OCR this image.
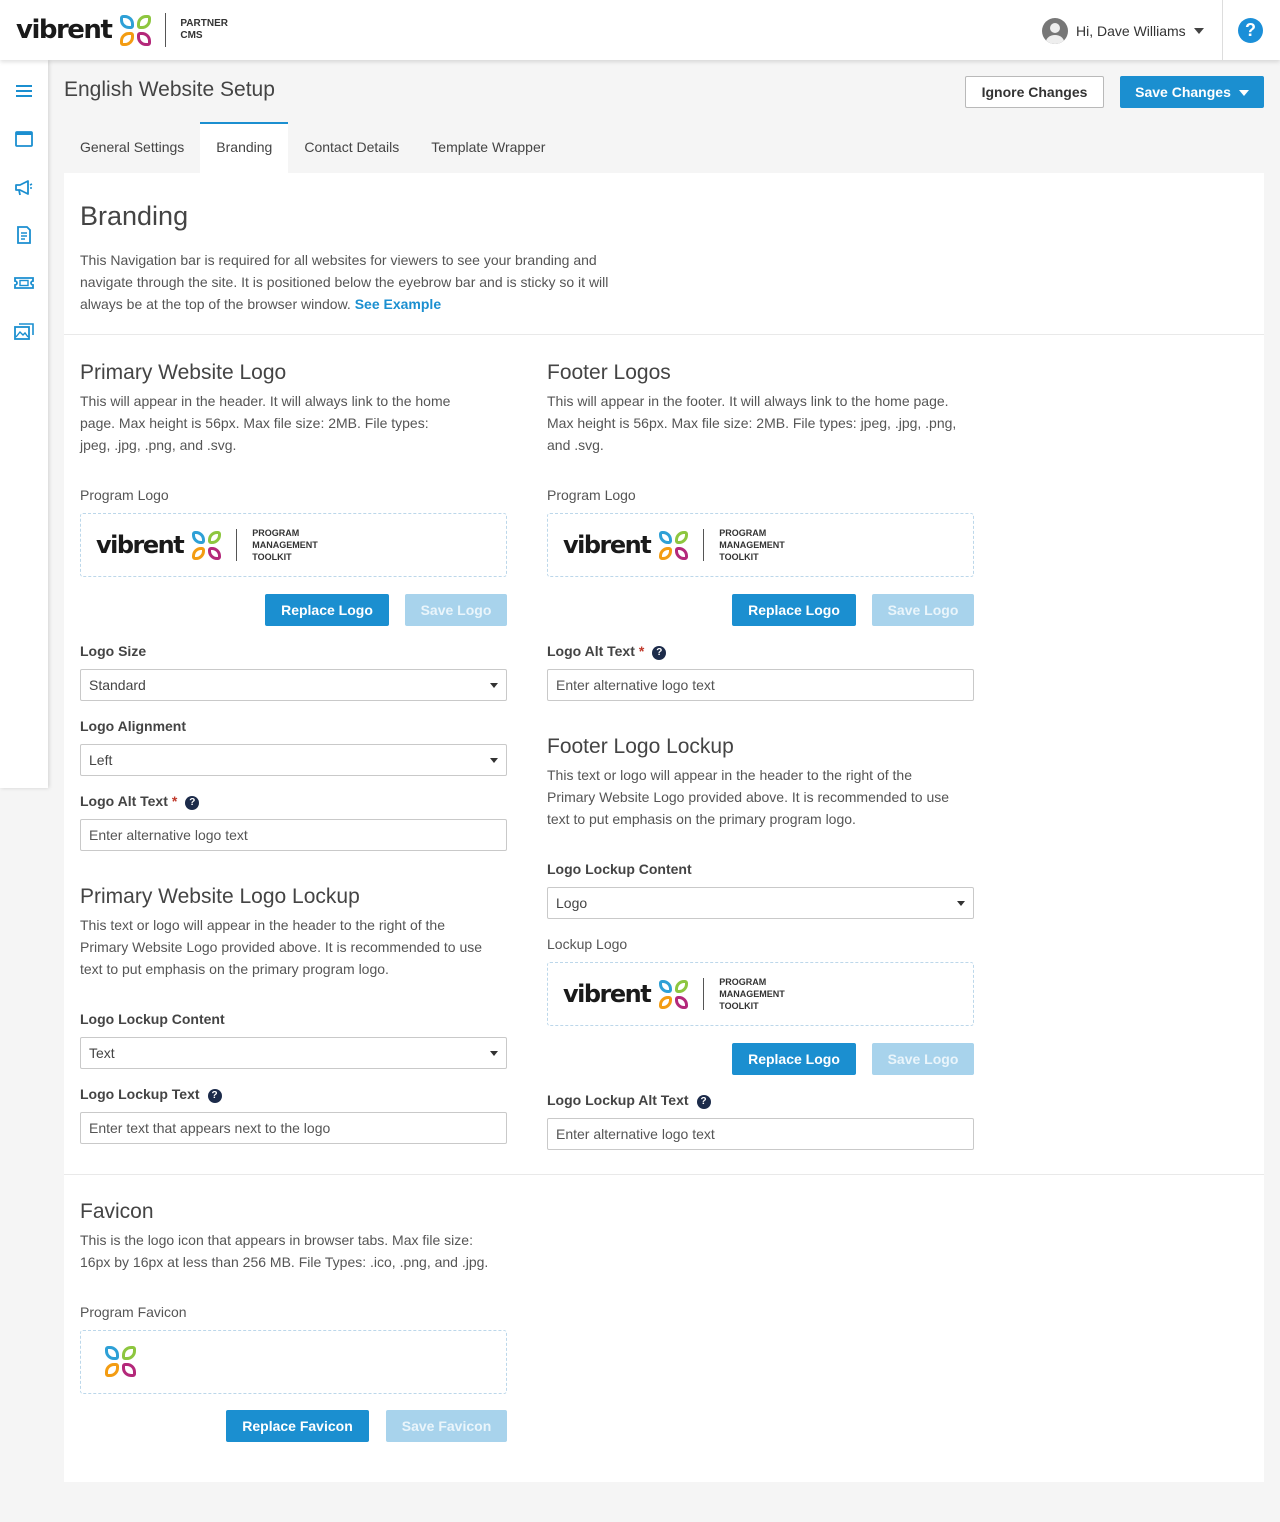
vibrent	PARTNER
CMS	Hi, Dave Williams	?
English Website Setup	Ignore Changes	Save Changes
General Settings	Branding	Contact Details	Template Wrapper
Branding
This Navigation bar is required for all websites for viewers to see your branding and
navigate through the site. It is positioned below the eyebrow bar and is sticky so it will
always be at the top of the browser window. See Example
Primary Website Logo
This will appear in the header. It will always link to the home
page. Max height is 56px. Max file size: 2MB. File types:
jpeg, .jpg, .png, and .svg.
Program Logo
vibrent	PROGRAM
MANAGEMENT
TOOLKIT
Replace Logo	Save Logo
Logo Size
Standard
Logo Alignment
Left
Logo Alt Text * ?
Enter alternative logo text
Primary Website Logo Lockup
This text or logo will appear in the header to the right of the
Primary Website Logo provided above. It is recommended to use
text to put emphasis on the primary program logo.
Logo Lockup Content
Text
Logo Lockup Text ?
Enter text that appears next to the logo
Footer Logos
This will appear in the footer. It will always link to the home page.
Max height is 56px. Max file size: 2MB. File types: jpeg, .jpg, .png,
and .svg.
Program Logo
vibrent	PROGRAM
MANAGEMENT
TOOLKIT
Replace Logo	Save Logo
Logo Alt Text * ?
Enter alternative logo text
Footer Logo Lockup
This text or logo will appear in the header to the right of the
Primary Website Logo provided above. It is recommended to use
text to put emphasis on the primary program logo.
Logo Lockup Content
Logo
Lockup Logo
vibrent	PROGRAM
MANAGEMENT
TOOLKIT
Replace Logo	Save Logo
Logo Lockup Alt Text ?
Enter alternative logo text
Favicon
This is the logo icon that appears in browser tabs. Max file size:
16px by 16px at less than 256 MB. File Types: .ico, .png, and .jpg.
Program Favicon
Replace Favicon	Save Favicon
